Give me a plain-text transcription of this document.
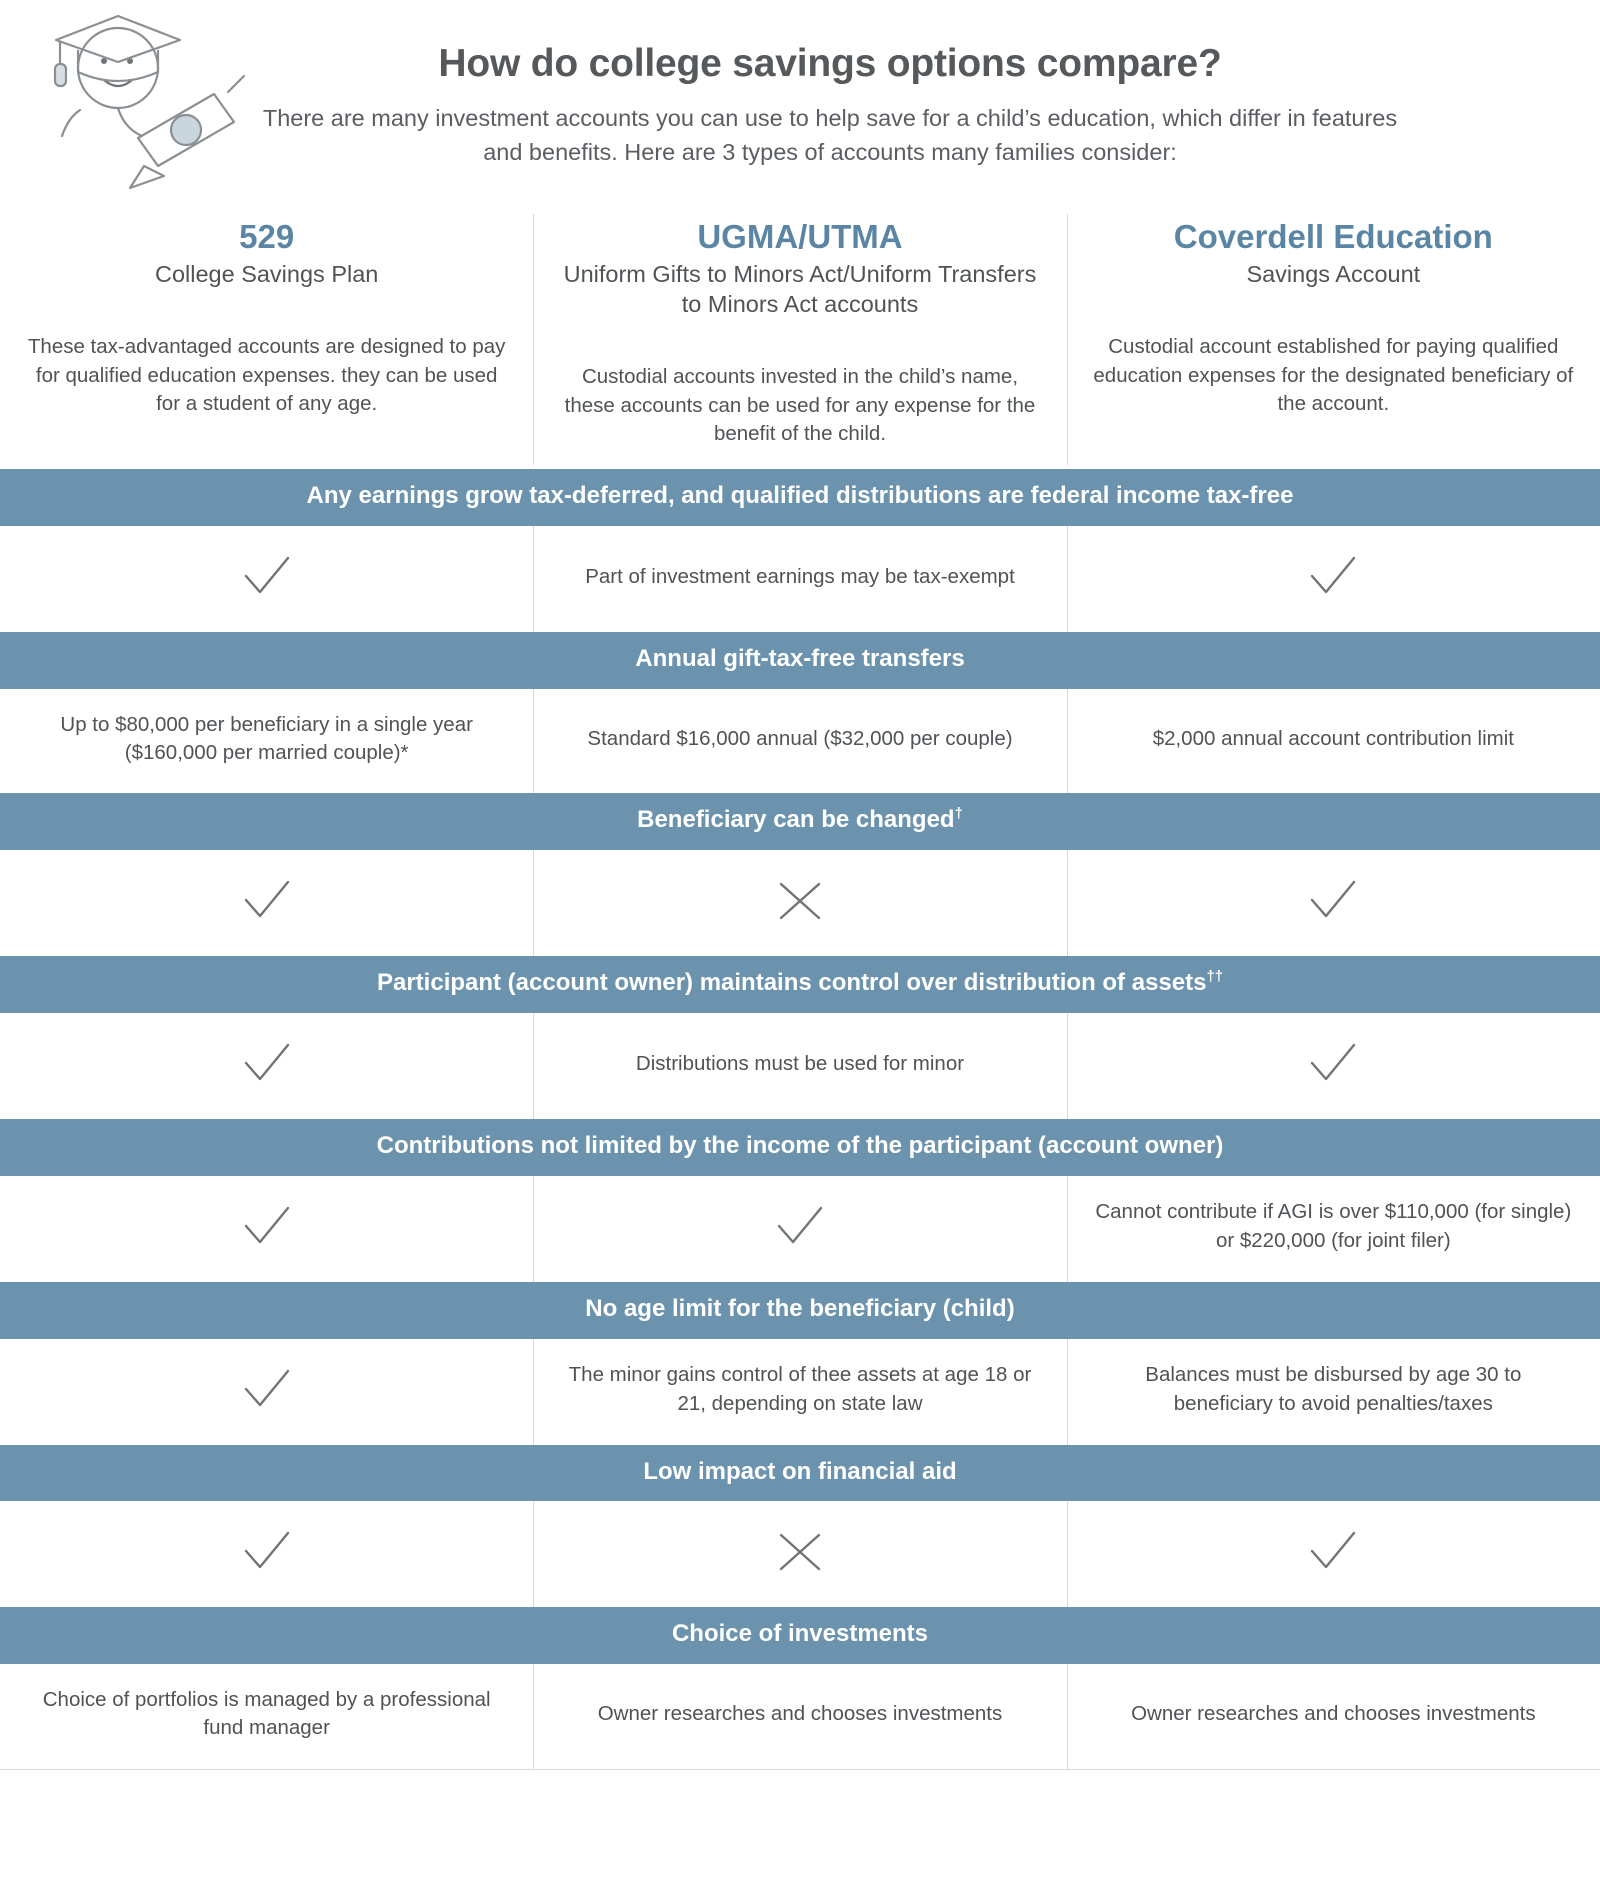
How do college savings options compare?
There are many investment accounts you can use to help save for a child’s education, which differ in features and benefits. Here are 3 types of accounts many families consider:
529
College Savings Plan
These tax-advantaged accounts are designed to pay for qualified education expenses. they can be used for a student of any age.
UGMA/UTMA
Uniform Gifts to Minors Act/Uniform Transfers to Minors Act accounts
Custodial accounts invested in the child’s name, these accounts can be used for any expense for the benefit of the child.
Coverdell Education
Savings Account
Custodial account established for paying qualified education expenses for the designated beneficiary of the account.
Any earnings grow tax-deferred, and qualified distributions are federal income tax-free
Part of investment earnings may be tax-exempt
Annual gift-tax-free transfers
Up to $80,000 per beneficiary in a single year ($160,000 per married couple)*
Standard $16,000 annual ($32,000 per couple)	$2,000 annual account contribution limit
Beneficiary can be changed†
Participant (account owner) maintains control over distribution of assets††
Distributions must be used for minor
Contributions not limited by the income of the participant (account owner)
Cannot contribute if AGI is over $110,000 (for single) or $220,000 (for joint filer)
No age limit for the beneficiary (child)
The minor gains control of thee assets at age 18 or 21, depending on state law
Balances must be disbursed by age 30 to beneficiary to avoid penalties/taxes
Low impact on financial aid
Choice of investments
Choice of portfolios is managed by a professional fund manager
Owner researches and chooses investments	Owner researches and chooses investments
